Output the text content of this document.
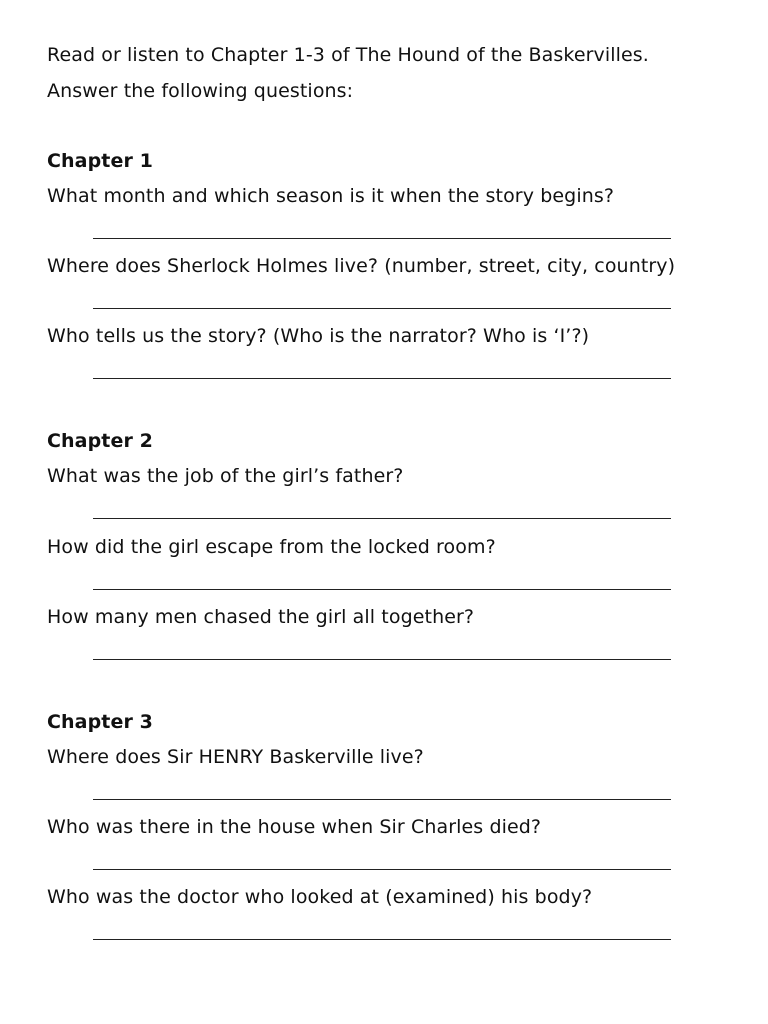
Read or listen to Chapter 1-3 of The Hound of the Baskervilles.
Answer the following questions:
Chapter 1
What month and which season is it when the story begins?
Where does Sherlock Holmes live? (number, street, city, country)
Who tells us the story? (Who is the narrator? Who is ‘I’?)
Chapter 2
What was the job of the girl’s father?
How did the girl escape from the locked room?
How many men chased the girl all together?
Chapter 3
Where does Sir HENRY Baskerville live?
Who was there in the house when Sir Charles died?
Who was the doctor who looked at (examined) his body?
